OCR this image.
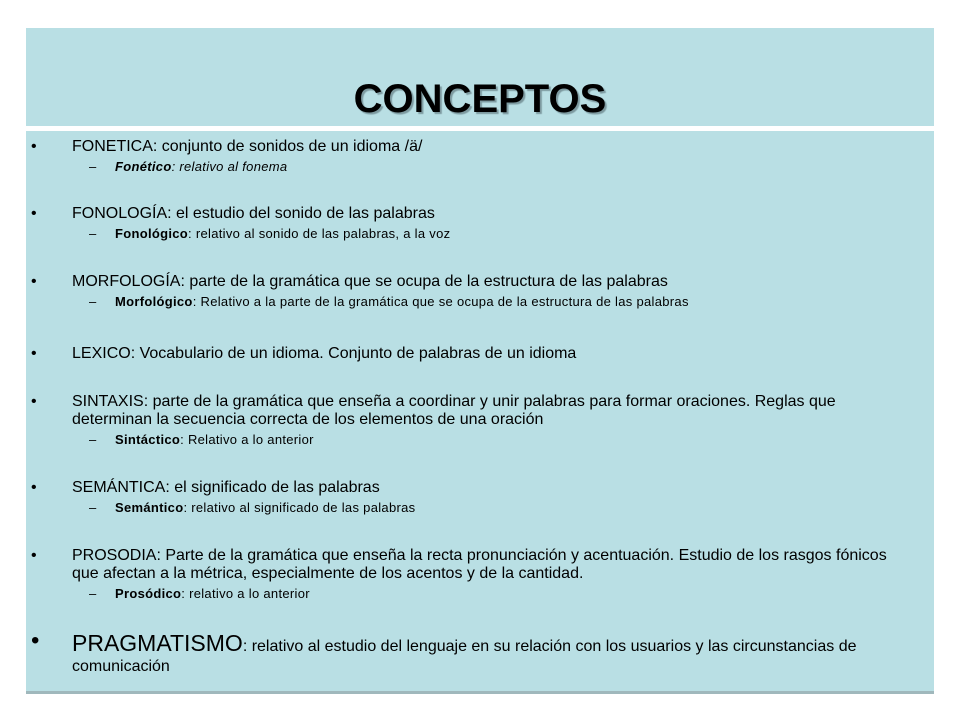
CONCEPTOS
• FONETICA: conjunto de sonidos de un idioma /ä/
– Fonético: relativo al fonema
• FONOLOGÍA: el estudio del sonido de las palabras
– Fonológico: relativo al sonido de las palabras, a la voz
• MORFOLOGÍA: parte de la gramática que se ocupa de la estructura de las palabras
– Morfológico: Relativo a la parte de la gramática que se ocupa de la estructura de las palabras
• LEXICO: Vocabulario de un idioma. Conjunto de palabras de un idioma
• SINTAXIS: parte de la gramática que enseña a coordinar y unir palabras para formar oraciones. Reglas que determinan la secuencia correcta de los elementos de una oración
– Sintáctico: Relativo a lo anterior
• SEMÁNTICA: el significado de las palabras
– Semántico: relativo al significado de las palabras
• PROSODIA: Parte de la gramática que enseña la recta pronunciación y acentuación. Estudio de los rasgos fónicos que afectan a la métrica, especialmente de los acentos y de la cantidad.
– Prosódico: relativo a lo anterior
• PRAGMATISMO: relativo al estudio del lenguaje en su relación con los usuarios y las circunstancias de comunicación
